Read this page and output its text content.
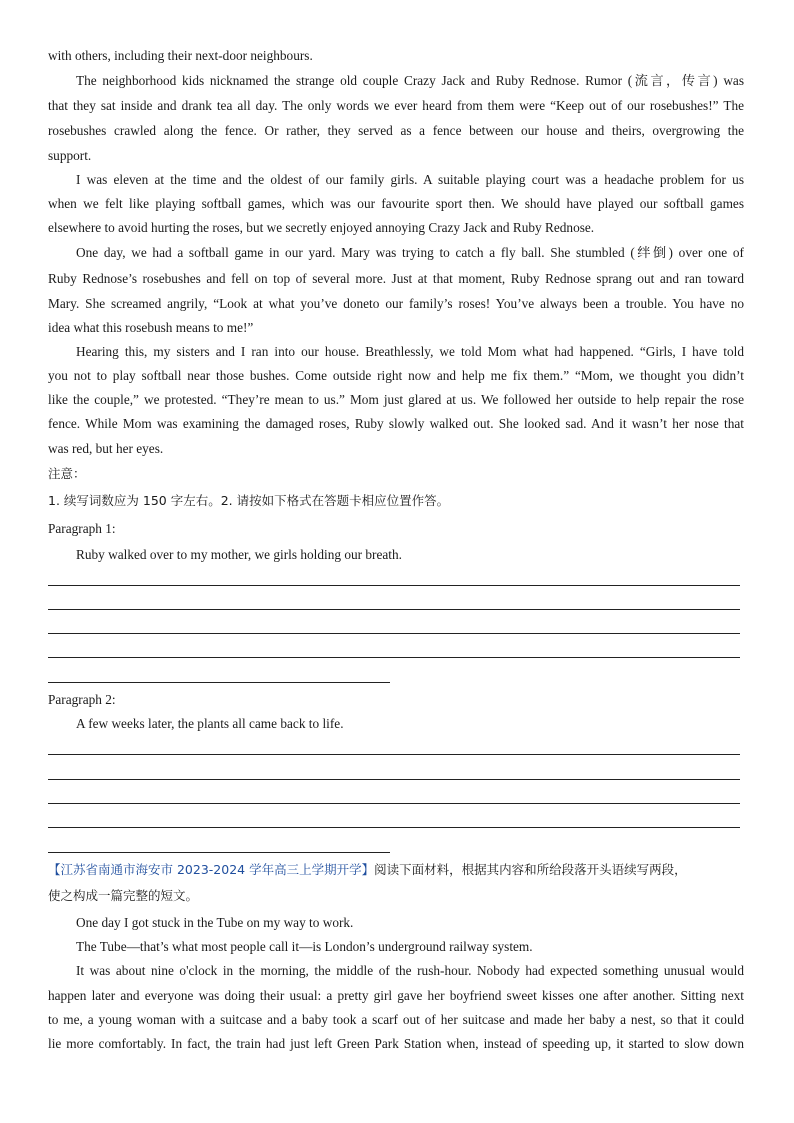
with others, including their next-door neighbours.
The neighborhood kids nicknamed the strange old couple Crazy Jack and Ruby Rednose. Rumor (流言，传言) was
that they sat inside and drank tea all day. The only words we ever heard from them were “Keep out of our rosebushes!” The
rosebushes crawled along the fence. Or rather, they served as a fence between our house and theirs, overgrowing the
support.
I was eleven at the time and the oldest of our family girls. A suitable playing court was a headache problem for us
when we felt like playing softball games, which was our favourite sport then. We should have played our softball games
elsewhere to avoid hurting the roses, but we secretly enjoyed annoying Crazy Jack and Ruby Rednose.
One day, we had a softball game in our yard. Mary was trying to catch a fly ball. She stumbled (绊倒) over one of
Ruby Rednose’s rosebushes and fell on top of several more. Just at that moment, Ruby Rednose sprang out and ran toward
Mary. She screamed angrily, “Look at what you’ve doneto our family’s roses! You’ve always been a trouble. You have no
idea what this rosebush means to me!”
Hearing this, my sisters and I ran into our house. Breathlessly, we told Mom what had happened. “Girls, I have told
you not to play softball near those bushes. Come outside right now and help me fix them.” “Mom, we thought you didn’t
like the couple,” we protested. “They’re mean to us.” Mom just glared at us. We followed her outside to help repair the rose
fence. While Mom was examining the damaged roses, Ruby slowly walked out. She looked sad. And it wasn’t her nose that
was red, but her eyes.
注意：
1. 续写词数应为 150 字左右。2. 请按如下格式在答题卡相应位置作答。
Paragraph 1:
Ruby walked over to my mother, we girls holding our breath.
Paragraph 2:
A few weeks later, the plants all came back to life.
【江苏省南通市海安市 2023-2024 学年高三上学期开学】阅读下面材料，根据其内容和所给段落开头语续写两段，
使之构成一篇完整的短文。
One day I got stuck in the Tube on my way to work.
The Tube—that’s what most people call it—is London’s underground railway system.
It was about nine o'clock in the morning, the middle of the rush-hour. Nobody had expected something unusual would
happen later and everyone was doing their usual: a pretty girl gave her boyfriend sweet kisses one after another. Sitting next
to me, a young woman with a suitcase and a baby took a scarf out of her suitcase and made her baby a nest, so that it could
lie more comfortably. In fact, the train had just left Green Park Station when, instead of speeding up, it started to slow down
